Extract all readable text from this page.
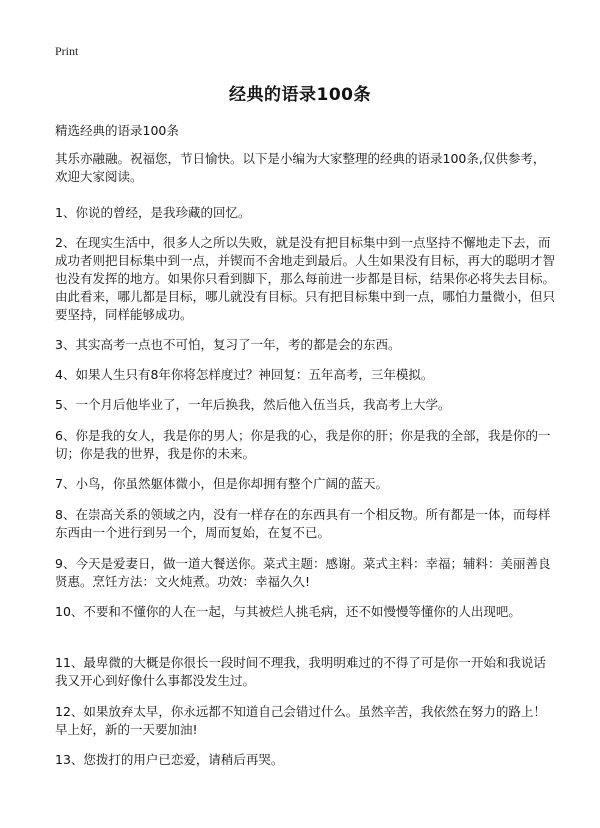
Print
经典的语录100条

精选经典的语录100条

其乐亦融融。祝福您，节日愉快。以下是小编为大家整理的经典的语录100条,仅供参考，欢迎大家阅读。

1、你说的曾经，是我珍藏的回忆。

2、在现实生活中，很多人之所以失败，就是没有把目标集中到一点坚持不懈地走下去，而成功者则把目标集中到一点，并锲而不舍地走到最后。人生如果没有目标，再大的聪明才智也没有发挥的地方。如果你只看到脚下，那么每前进一步都是目标，结果你必将失去目标。由此看来，哪儿都是目标，哪儿就没有目标。只有把目标集中到一点，哪怕力量微小，但只要坚持，同样能够成功。

3、其实高考一点也不可怕，复习了一年，考的都是会的东西。

4、如果人生只有8年你将怎样度过？神回复：五年高考，三年模拟。

5、一个月后他毕业了，一年后换我，然后他入伍当兵，我高考上大学。

6、你是我的女人，我是你的男人；你是我的心，我是你的肝；你是我的全部，我是你的一切；你是我的世界，我是你的未来。

7、小鸟，你虽然躯体微小，但是你却拥有整个广阔的蓝天。

8、在崇高关系的领域之内，没有一样存在的东西具有一个相反物。所有都是一体，而每样东西由一个进行到另一个，周而复始，在复不已。

9、今天是爱妻日，做一道大餐送你。菜式主题：感谢。菜式主料：幸福；辅料：美丽善良贤惠。烹饪方法：文火炖煮。功效：幸福久久!

10、不要和不懂你的人在一起，与其被烂人挑毛病，还不如慢慢等懂你的人出现吧。

11、最卑微的大概是你很长一段时间不理我，我明明难过的不得了可是你一开始和我说话我又开心到好像什么事都没发生过。

12、如果放弃太早，你永远都不知道自己会错过什么。虽然辛苦，我依然在努力的路上！早上好，新的一天要加油!

13、您拨打的用户已恋爱，请稍后再哭。
